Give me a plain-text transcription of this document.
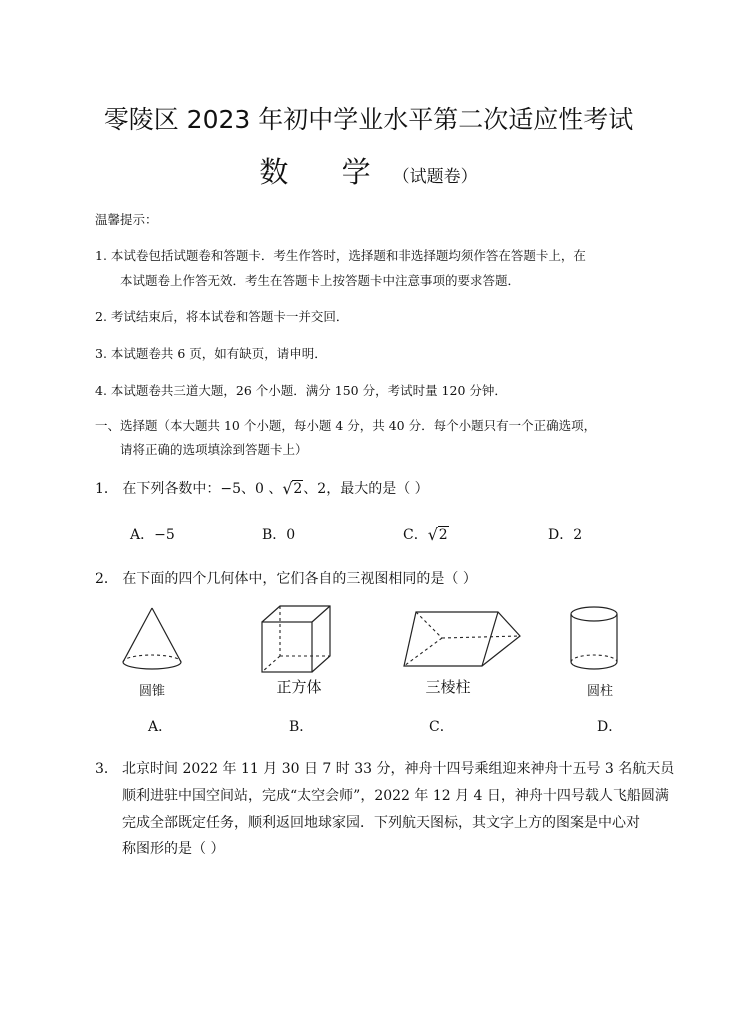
零陵区 2023 年初中学业水平第二次适应性考试
数 学（试题卷）
温馨提示：
1. 本试卷包括试题卷和答题卡．考生作答时，选择题和非选择题均须作答在答题卡上，在
本试题卷上作答无效．考生在答题卡上按答题卡中注意事项的要求答题．
2. 考试结束后，将本试卷和答题卡一并交回．
3. 本试题卷共 6 页，如有缺页，请申明．
4. 本试题卷共三道大题，26 个小题．满分 150 分，考试时量 120 分钟．
一、选择题（本大题共 10 个小题，每小题 4 分，共 40 分．每个小题只有一个正确选项，
请将正确的选项填涂到答题卡上）
1． 在下列各数中：−5、0 、 √ 2、2，最大的是（ ）
A．−5	B．0	C． √ 2	D．2
2． 在下面的四个几何体中，它们各自的三视图相同的是（ ）
圆锥	正方体	三棱柱	圆柱
A．	B．	C．	D．
3． 北京时间 2022 年 11 月 30 日 7 时 33 分，神舟十四号乘组迎来神舟十五号 3 名航天员
顺利进驻中国空间站，完成“太空会师”，2022 年 12 月 4 日，神舟十四号载人飞船圆满
完成全部既定任务，顺利返回地球家园．下列航天图标，其文字上方的图案是中心对
称图形的是（ ）
